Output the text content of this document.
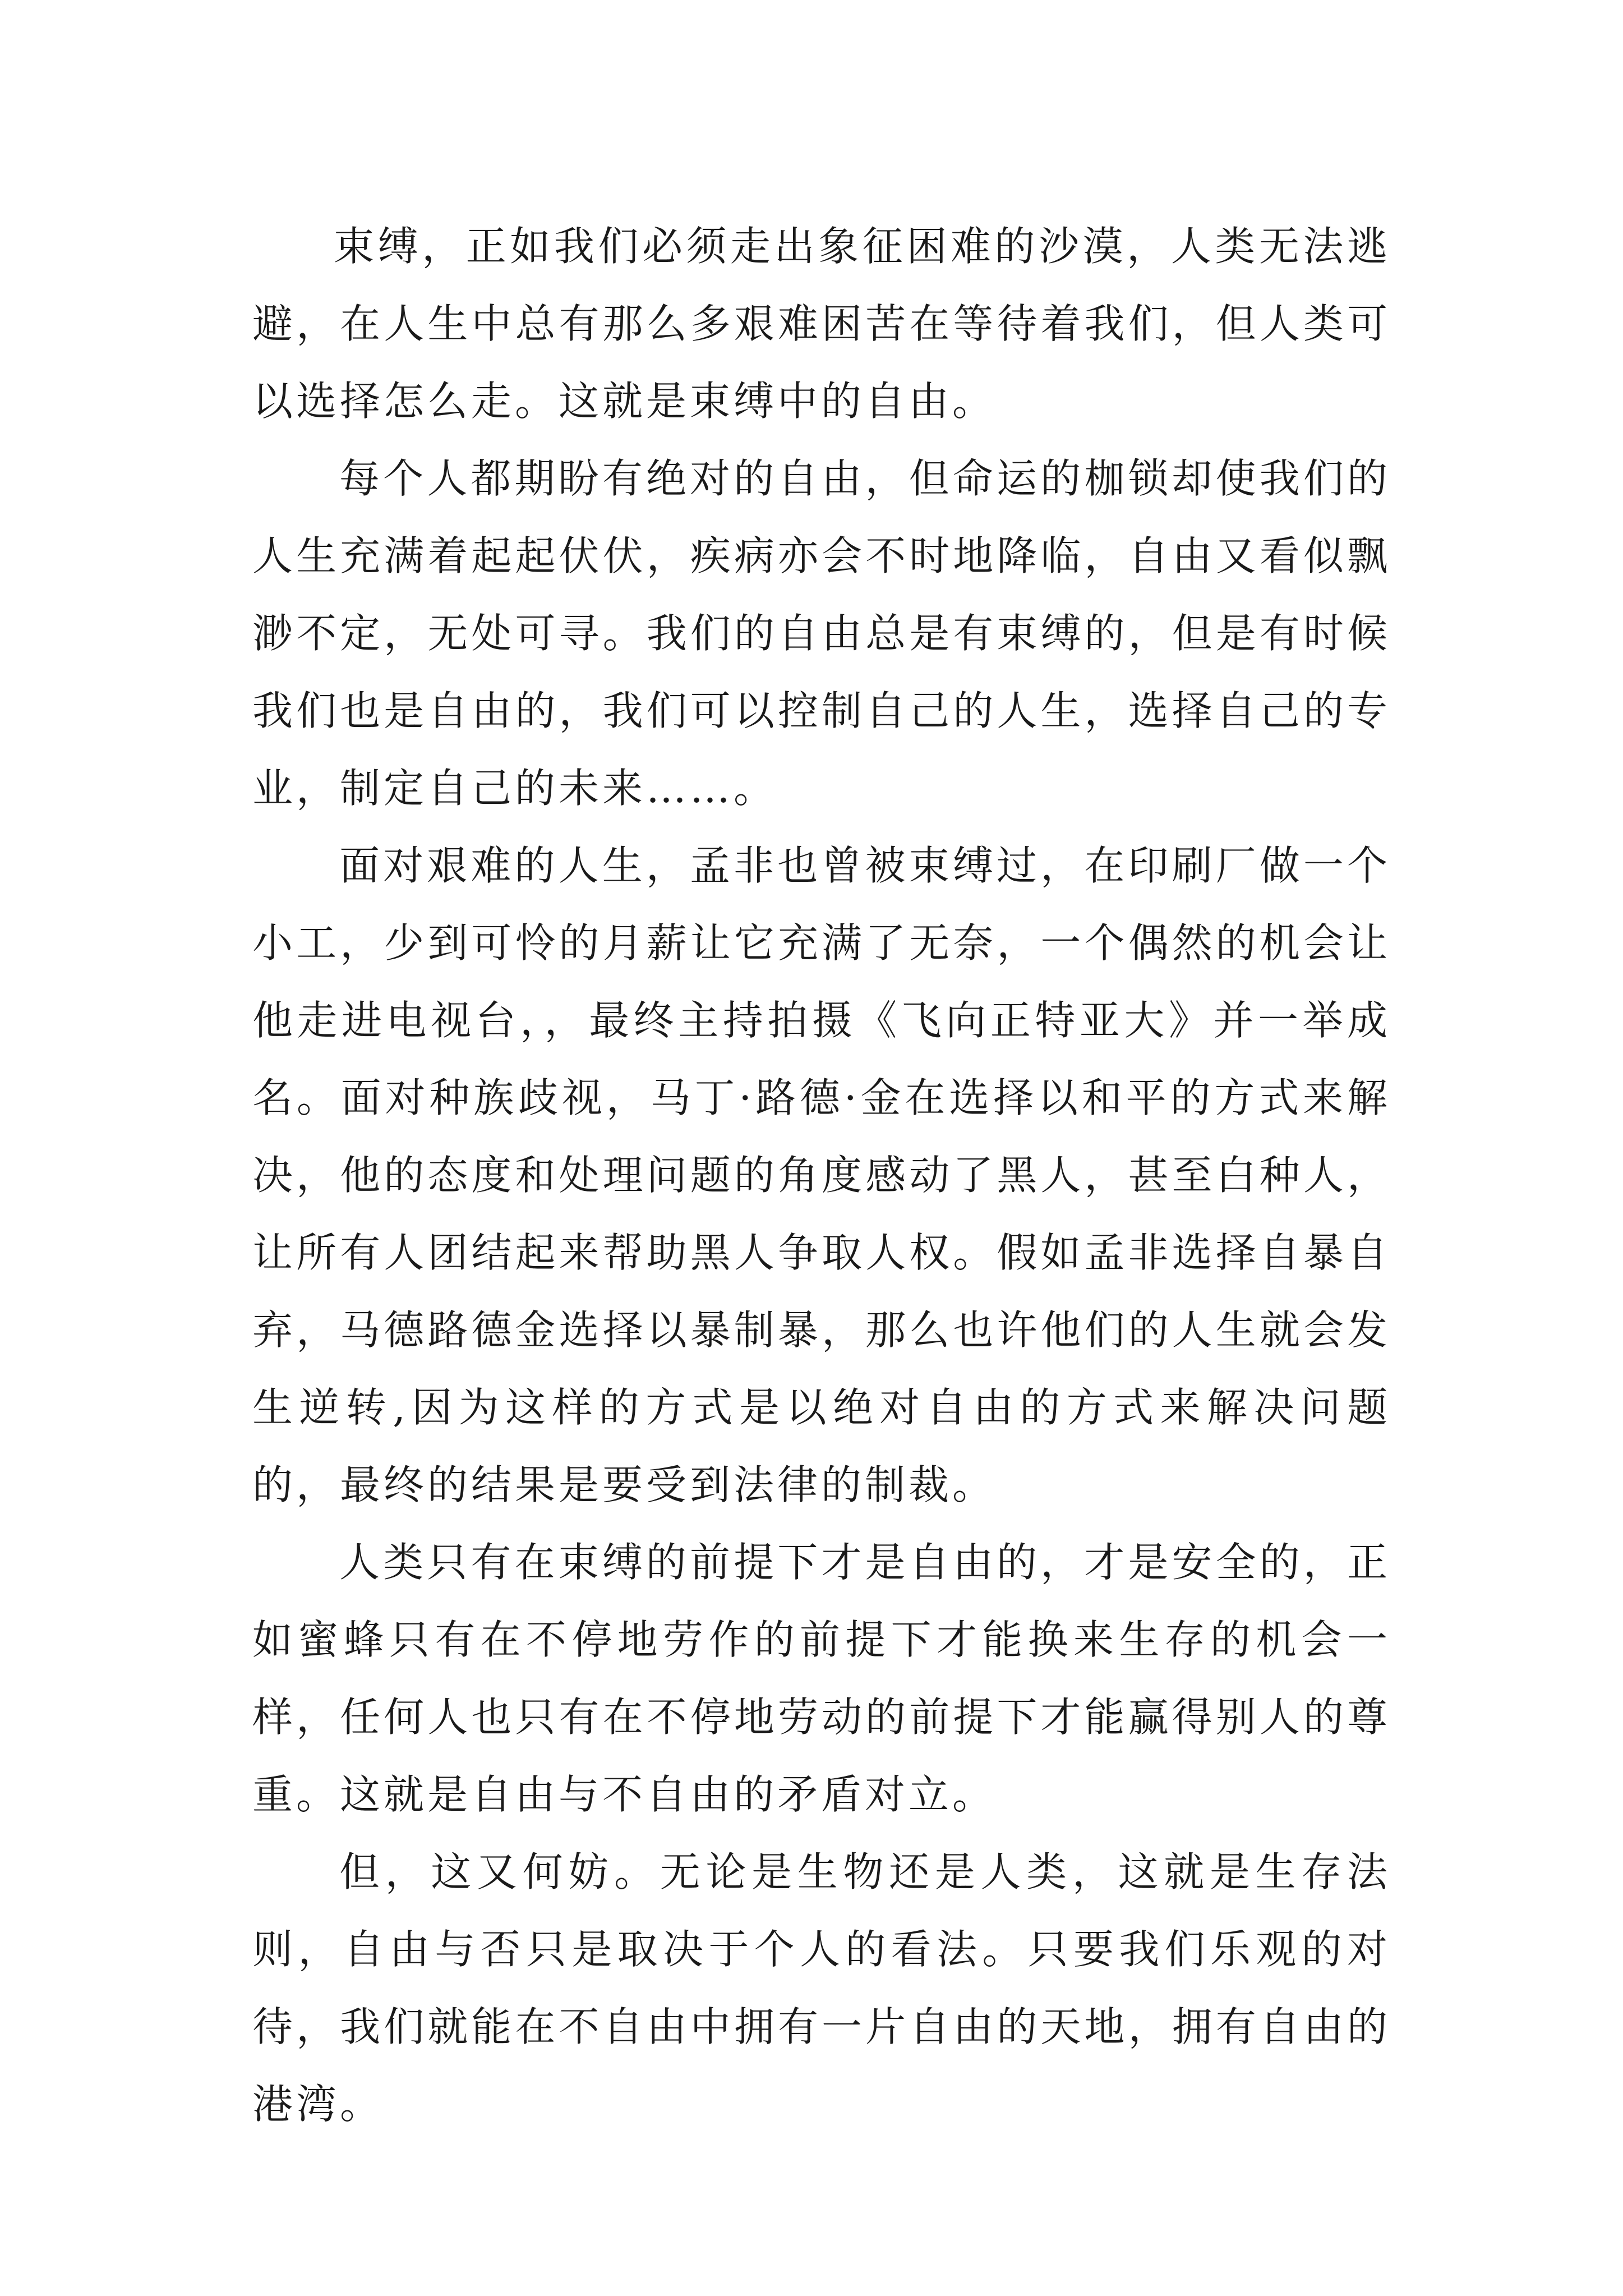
束缚，正如我们必须走出象征困难的沙漠，人类无法逃避，在人生中总有那么多艰难困苦在等待着我们，但人类可以选择怎么走。这就是束缚中的自由。

每个人都期盼有绝对的自由，但命运的枷锁却使我们的人生充满着起起伏伏，疾病亦会不时地降临，自由又看似飘渺不定，无处可寻。我们的自由总是有束缚的，但是有时候我们也是自由的，我们可以控制自己的人生，选择自己的专业，制定自己的未来……。

面对艰难的人生，孟非也曾被束缚过，在印刷厂做一个小工，少到可怜的月薪让它充满了无奈，一个偶然的机会让他走进电视台，，最终主持拍摄《飞向正特亚大》并一举成名。面对种族歧视，马丁·路德·金在选择以和平的方式来解决，他的态度和处理问题的角度感动了黑人，甚至白种人，让所有人团结起来帮助黑人争取人权。假如孟非选择自暴自弃，马德路德金选择以暴制暴，那么也许他们的人生就会发生逆转,因为这样的方式是以绝对自由的方式来解决问题的，最终的结果是要受到法律的制裁。

人类只有在束缚的前提下才是自由的，才是安全的，正如蜜蜂只有在不停地劳作的前提下才能换来生存的机会一样，任何人也只有在不停地劳动的前提下才能赢得别人的尊重。这就是自由与不自由的矛盾对立。

但，这又何妨。无论是生物还是人类，这就是生存法则，自由与否只是取决于个人的看法。只要我们乐观的对待，我们就能在不自由中拥有一片自由的天地，拥有自由的港湾。
